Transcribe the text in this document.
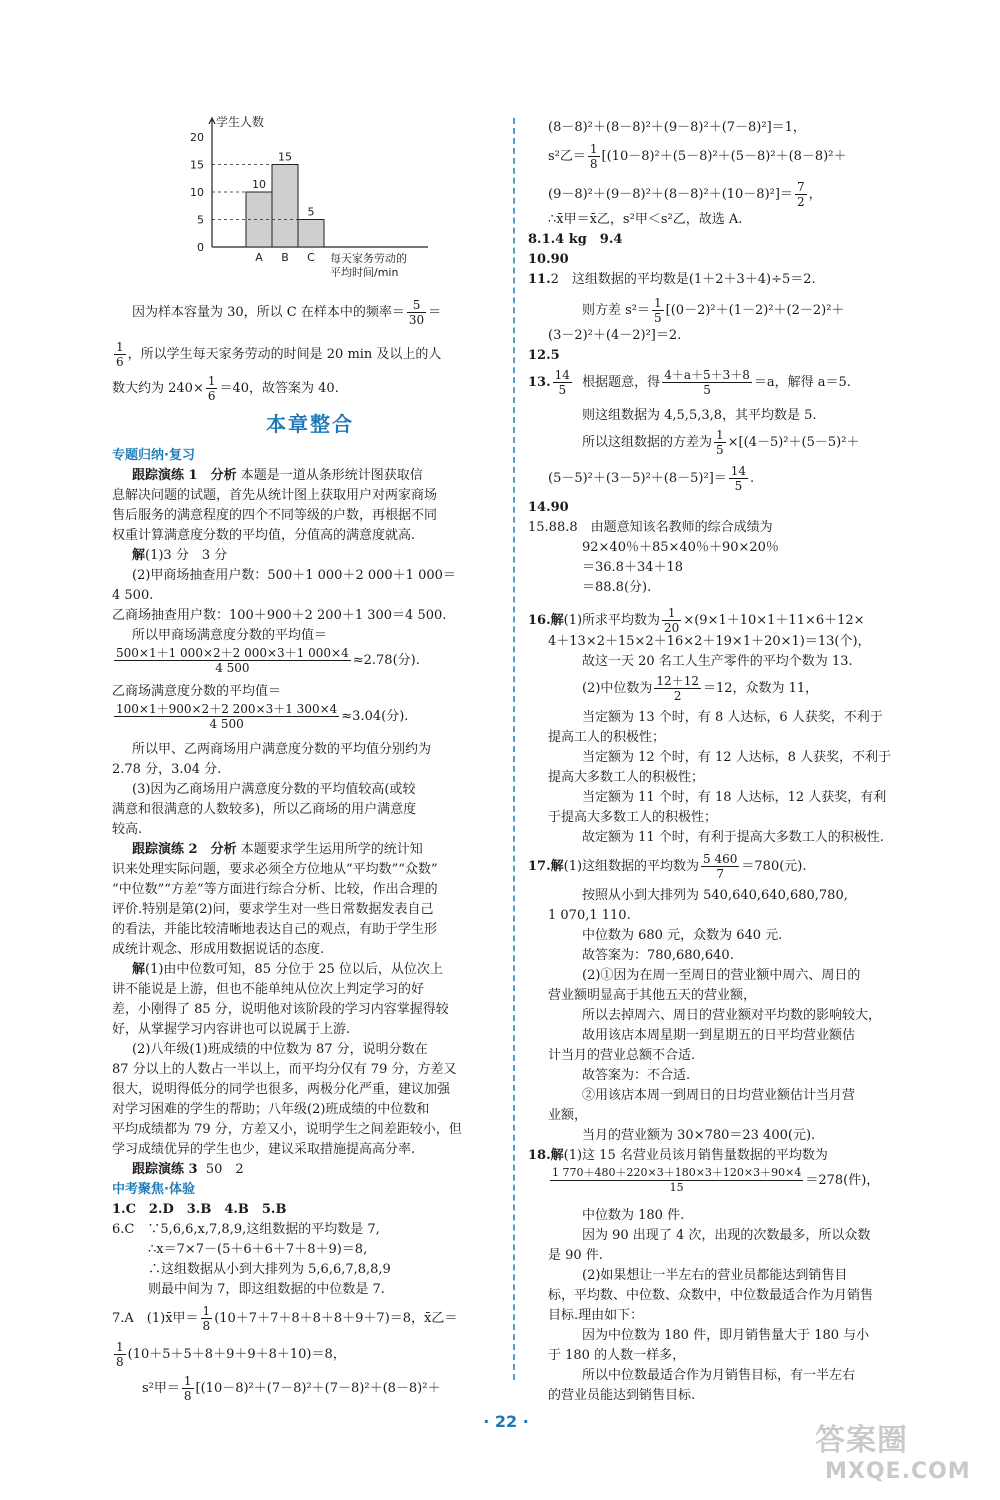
学生人数
0
5
10
15
20
10
A
15
B
5
C 每天家务劳动的
平均时间/min
因为样本容量为 30，所以 C 在样本中的频率＝ $\frac{5}{30}$ ＝
$\frac{1}{6}$ ，所以学生每天家务劳动的时间是 20 min 及以上的人
数大约为 $240\times \frac{1}{6} =40$，故答案为 40.
专题归纳·复习
跟踪演练 1　分析 本题是一道从条形统计图获取信
息解决问题的试题，首先从统计图上获取用户对两家商场
售后服务的满意程度的四个不同等级的户数，再根据不同
权重计算满意度分数的平均值，分值高的满意度就高.
解(1)3 分　3 分
(2)甲商场抽查用户数：500＋1 000＋2 000＋1 000＝
4 500.
乙商场抽查用户数：100＋900＋2 200＋1 300＝4 500.
所以甲商场满意度分数的平均值＝
$\frac{500\times 1+1 000\times 2+2 000\times 3+1 000\times 4}{4 500} \approx 2.78$(分).
乙商场满意度分数的平均值＝
$\frac{100\times 1+900\times 2+2 200\times 3+1 300\times 4}{4 500} \approx 3.04$(分).
所以甲、乙两商场用户满意度分数的平均值分别约为
2.78 分，3.04 分.
(3)因为乙商场用户满意度分数的平均值较高(或较
满意和很满意的人数较多)，所以乙商场的用户满意度
较高.
跟踪演练 2　分析 本题要求学生运用所学的统计知
识来处理实际问题，要求必须全方位地从“平均数”“众数”
“中位数”“方差”等方面进行综合分析、比较，作出合理的
评价.特别是第(2)问，要求学生对一些日常数据发表自己
的看法，并能比较清晰地表达自己的观点，有助于学生形
成统计观念、形成用数据说话的态度.
解(1)由中位数可知，85 分位于 25 位以后，从位次上
讲不能说是上游，但也不能单纯从位次上判定学习的好
差，小刚得了 85 分，说明他对该阶段的学习内容掌握得较
好，从掌握学习内容讲也可以说属于上游.
(2)八年级(1)班成绩的中位数为 87 分，说明分数在
87 分以上的人数占一半以上，而平均分仅有 79 分，方差又
很大，说明得低分的同学也很多，两极分化严重，建议加强
对学习困难的学生的帮助；八年级(2)班成绩的中位数和
平均成绩都为 79 分，方差又小，说明学生之间差距较小，但
学习成绩优异的学生也少，建议采取措施提高高分率.
跟踪演练 3 50　2
中考聚焦·体验
1.C　2.D　3.B　4.B　5.B
6.C　∵5,6,6,x,7,8,9,这组数据的平均数是 7,
∴x＝7×7－(5＋6＋6＋7＋8＋9)＝8,
∴这组数据从小到大排列为 5,6,6,7,8,8,9
则最中间为 7，即这组数据的中位数是 7.
7.A　(1)x̄甲＝ $\frac{1}{8} (10+7+7+8+8+8+9+7)=8$，x̄乙＝
$\frac{1}{8} (10+5+5+8+9+9+8+10)=8$，
s²甲＝ $\frac{1}{8} [(10-8)^2+(7-8)^2+(7-8)^2+(8-8)^2+$
本章整合
(8－8)²＋(8－8)²＋(9－8)²＋(7－8)²]＝1，
s²乙＝ $\frac{1}{8} [(10-8)^2+(5-8)^2+(5-8)^2+(8-8)^2+$
$(9-8)^2+(9-8)^2+(8-8)^2+(10-8)^2]= \frac{7}{2}$ ，
∴x̄甲＝x̄乙，s²甲＜s²乙，故选 A.
8.1.4 kg　9.4
10.90
11.2　这组数据的平均数是(1＋2＋3＋4)÷5＝2.
则方差 $s^2= \frac{1}{5} [(0-2)^2+(1-2)^2+(2-2)^2+$
(3－2)²＋(4－2)²]＝2.
12.5
13. $\frac{14}{5}$ 根据题意，得 $\frac{4+a+5+3+8}{5} =a$，解得 a＝5.
则这组数据为 4,5,5,3,8，其平均数是 5.
所以这组数据的方差为 $\frac{1}{5} \times[(4-5)^2+(5-5)^2+$
$(5-5)^2+(3-5)^2+(8-5)^2]= \frac{14}{5}$ .
14.90
15.88.8　由题意知该名教师的综合成绩为
92×40％＋85×40％＋90×20％
＝36.8＋34＋18
＝88.8(分).
16.解(1)所求平均数为 $\frac{1}{20} \times(9\times 1+10\times 1+11\times 6+12\times$
4＋13×2＋15×2＋16×2＋19×1＋20×1)＝13(个)，
故这一天 20 名工人生产零件的平均个数为 13.
(2)中位数为 $\frac{12+12}{2} =12$，众数为 11，
当定额为 13 个时，有 8 人达标，6 人获奖，不利于
提高工人的积极性；
当定额为 12 个时，有 12 人达标，8 人获奖，不利于
提高大多数工人的积极性；
当定额为 11 个时，有 18 人达标，12 人获奖，有利
于提高大多数工人的积极性；
故定额为 11 个时，有利于提高大多数工人的积极性.
17.解(1)这组数据的平均数为 $\frac{5 460}{7} =780$(元).
按照从小到大排列为 540,640,640,680,780,
1 070,1 110.
中位数为 680 元，众数为 640 元.
故答案为：780,680,640.
(2)①因为在周一至周日的营业额中周六、周日的
营业额明显高于其他五天的营业额，
所以去掉周六、周日的营业额对平均数的影响较大，
故用该店本周星期一到星期五的日平均营业额估
计当月的营业总额不合适.
故答案为：不合适.
②用该店本周一到周日的日均营业额估计当月营
业额，
当月的营业额为 30×780＝23 400(元).
18.解(1)这 15 名营业员该月销售量数据的平均数为
$\frac{1 770+480+220\times 3+180\times 3+120\times 3+90\times 4}{15} =278$(件)，
中位数为 180 件.
因为 90 出现了 4 次，出现的次数最多，所以众数
是 90 件.
(2)如果想让一半左右的营业员都能达到销售目
标，平均数、中位数、众数中，中位数最适合作为月销售
目标.理由如下：
因为中位数为 180 件，即月销售量大于 180 与小
于 180 的人数一样多，
所以中位数最适合作为月销售目标，有一半左右
的营业员能达到销售目标.
· 22 ·
答案圈
MXQE.COM
